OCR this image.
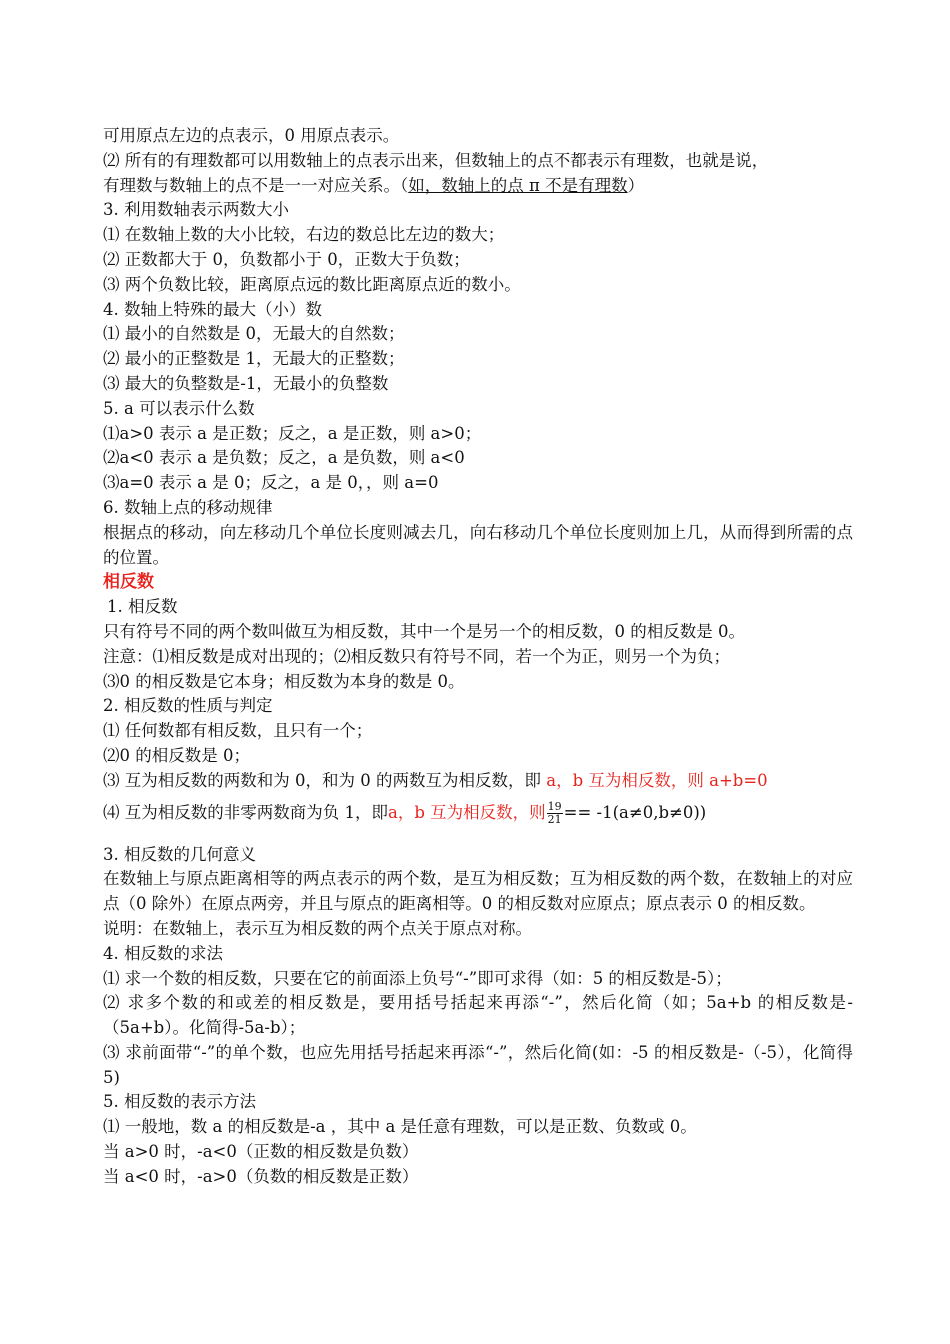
可用原点左边的点表示，0 用原点表示。
⑵ 所有的有理数都可以用数轴上的点表示出来，但数轴上的点不都表示有理数，也就是说，
有理数与数轴上的点不是一一对应关系。（如，数轴上的点 π 不是有理数）
3. 利用数轴表示两数大小
⑴ 在数轴上数的大小比较，右边的数总比左边的数大；
⑵ 正数都大于 0，负数都小于 0，正数大于负数；
⑶ 两个负数比较，距离原点远的数比距离原点近的数小。
4. 数轴上特殊的最大（小）数
⑴ 最小的自然数是 0，无最大的自然数；
⑵ 最小的正整数是 1，无最大的正整数；
⑶ 最大的负整数是-1，无最小的负整数
5. a 可以表示什么数
⑴a>0 表示 a 是正数；反之，a 是正数，则 a>0；
⑵a<0 表示 a 是负数；反之，a 是负数，则 a<0
⑶a=0 表示 a 是 0；反之，a 是 0，，则 a=0
6. 数轴上点的移动规律
根据点的移动，向左移动几个单位长度则减去几，向右移动几个单位长度则加上几，从而得到所需的点的位置。
相反数
1. 相反数
只有符号不同的两个数叫做互为相反数，其中一个是另一个的相反数，0 的相反数是 0。
注意：⑴相反数是成对出现的；⑵相反数只有符号不同，若一个为正，则另一个为负；
⑶0 的相反数是它本身；相反数为本身的数是 0。
2. 相反数的性质与判定
⑴ 任何数都有相反数，且只有一个；
⑵0 的相反数是 0；
⑶ 互为相反数的两数和为 0，和为 0 的两数互为相反数，即 a，b 互为相反数，则 a+b=0
⑷ 互为相反数的非零两数商为负 1，即 a，b 互为相反数，则 $\frac{19}{21} == -1(a\ne 0,b\ne 0)$)
3. 相反数的几何意义
在数轴上与原点距离相等的两点表示的两个数，是互为相反数；互为相反数的两个数，在数轴上的对应点（0 除外）在原点两旁，并且与原点的距离相等。0 的相反数对应原点；原点表示 0 的相反数。
说明：在数轴上，表示互为相反数的两个点关于原点对称。
4. 相反数的求法
⑴ 求一个数的相反数，只要在它的前面添上负号“-”即可求得（如：5 的相反数是-5）；
⑵ 求多个数的和或差的相反数是，要用括号括起来再添“-”，然后化简（如；5a+b 的相反数是-（5a+b）。化简得-5a-b）；
⑶ 求前面带“-”的单个数，也应先用括号括起来再添“-”，然后化简(如：-5 的相反数是-（-5），化简得 5)
5. 相反数的表示方法
⑴ 一般地，数 a 的相反数是-a ，其中 a 是任意有理数，可以是正数、负数或 0。
当 a>0 时，-a<0（正数的相反数是负数）
当 a<0 时，-a>0（负数的相反数是正数）
